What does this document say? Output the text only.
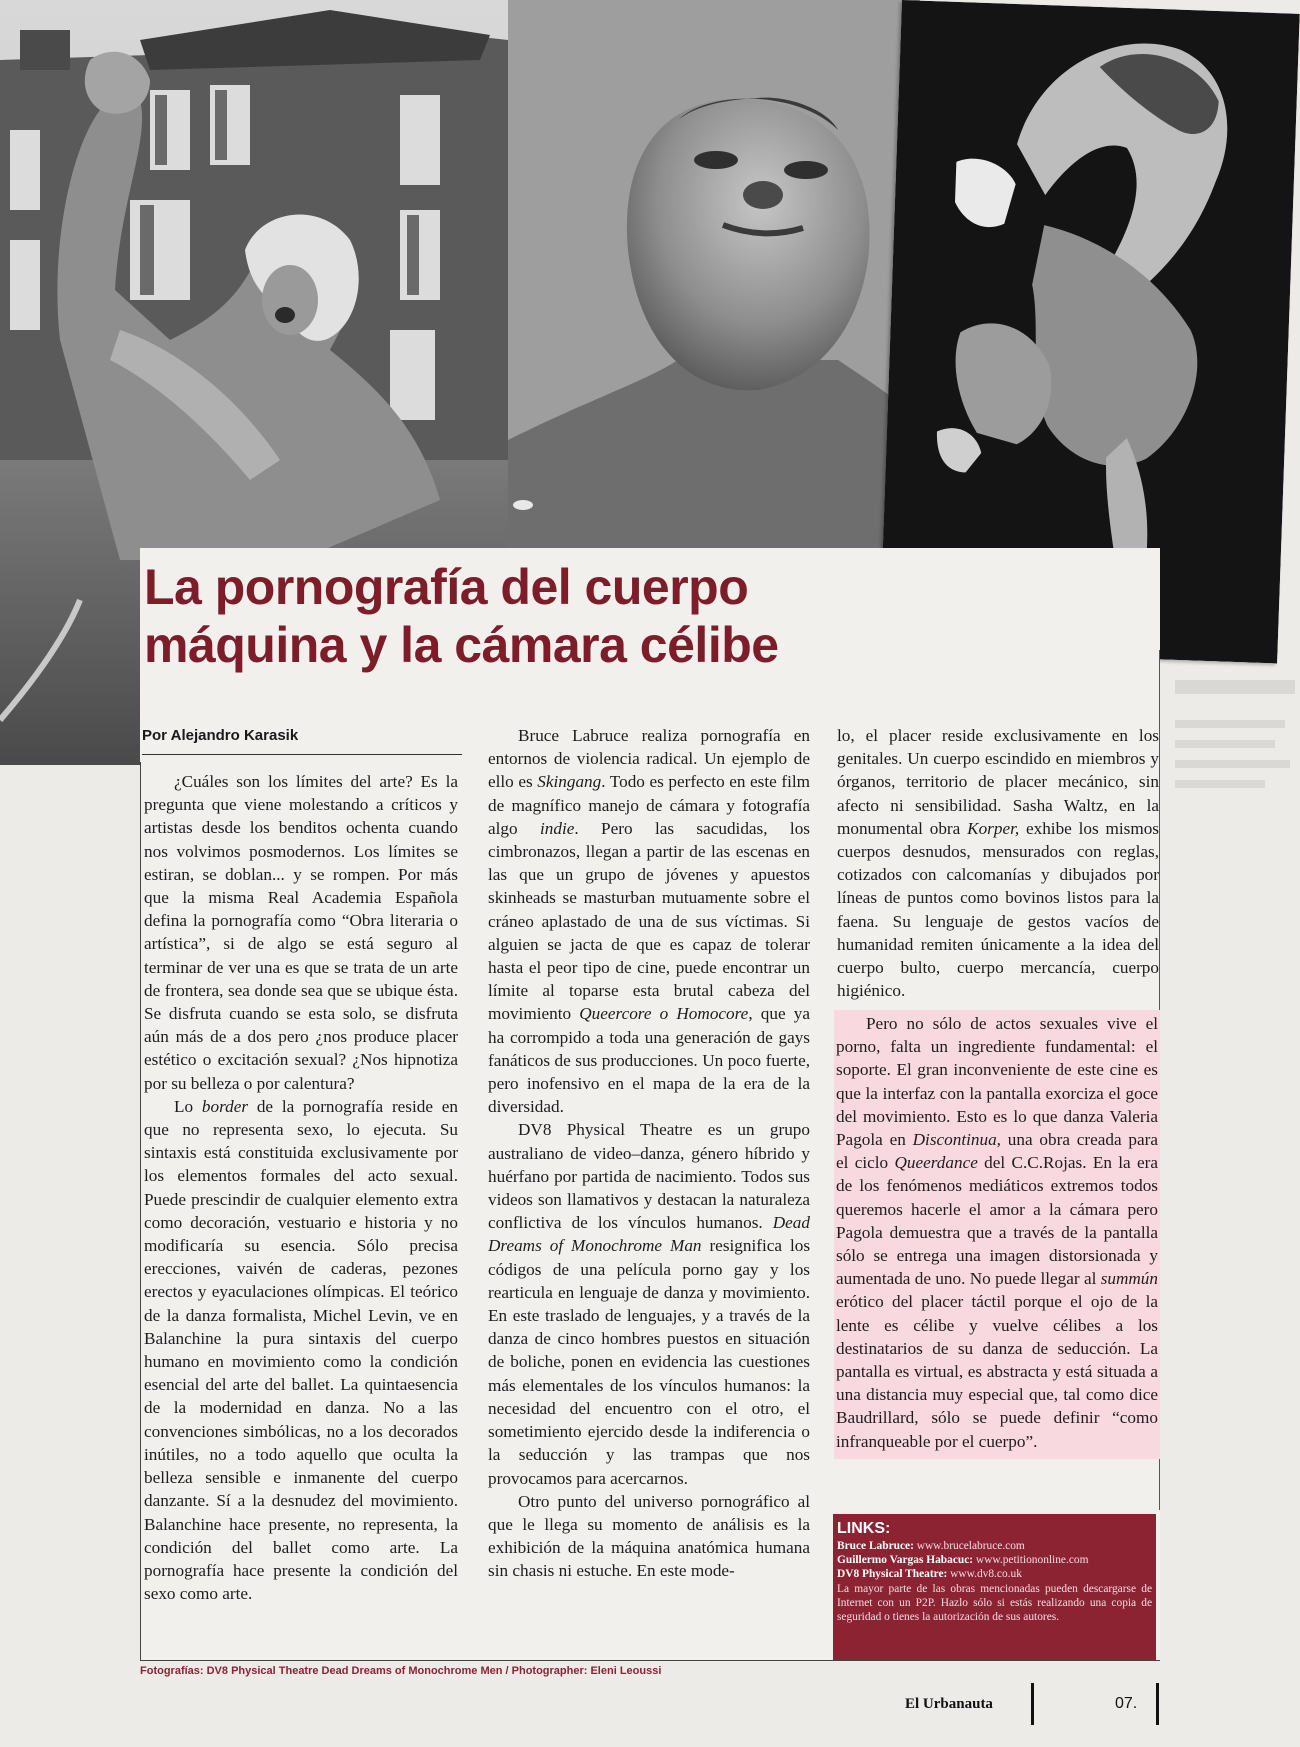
La pornografía del cuerpo
máquina y la cámara célibe
Por Alejandro Karasik

¿Cuáles son los límites del arte? Es la pregunta que viene molestando a críticos y artistas desde los benditos ochenta cuando nos volvimos posmodernos. Los límites se estiran, se doblan... y se rompen. Por más que la misma Real Academia Española defina la pornografía como “Obra literaria o artística”, si de algo se está seguro al terminar de ver una es que se trata de un arte de frontera, sea donde sea que se ubique ésta. Se disfruta cuando se esta solo, se disfruta aún más de a dos pero ¿nos produce placer estético o excitación sexual? ¿Nos hipnotiza por su belleza o por calentura?

Lo border de la pornografía reside en que no representa sexo, lo ejecuta. Su sintaxis está constituida exclusivamente por los elementos formales del acto sexual. Puede prescindir de cualquier elemento extra como decoración, vestuario e historia y no modificaría su esencia. Sólo precisa erecciones, vaivén de caderas, pezones erectos y eyaculaciones olímpicas. El teórico de la danza formalista, Michel Levin, ve en Balanchine la pura sintaxis del cuerpo humano en movimiento como la condición esencial del arte del ballet. La quintaesencia de la modernidad en danza. No a las convenciones simbólicas, no a los decorados inútiles, no a todo aquello que oculta la belleza sensible e inmanente del cuerpo danzante. Sí a la desnudez del movimiento. Balanchine hace presente, no representa, la condición del ballet como arte. La pornografía hace presente la condición del sexo como arte.

Bruce Labruce realiza pornografía en entornos de violencia radical. Un ejemplo de ello es Skingang. Todo es perfecto en este film de magnífico manejo de cámara y fotografía algo indie. Pero las sacudidas, los cimbronazos, llegan a partir de las escenas en las que un grupo de jóvenes y apuestos skinheads se masturban mutuamente sobre el cráneo aplastado de una de sus víctimas. Si alguien se jacta de que es capaz de tolerar hasta el peor tipo de cine, puede encontrar un límite al toparse esta brutal cabeza del movimiento Queercore o Homocore, que ya ha corrompido a toda una generación de gays fanáticos de sus producciones. Un poco fuerte, pero inofensivo en el mapa de la era de la diversidad.

DV8 Physical Theatre es un grupo australiano de video–danza, género híbrido y huérfano por partida de nacimiento. Todos sus videos son llamativos y destacan la naturaleza conflictiva de los vínculos humanos. Dead Dreams of Monochrome Man resignifica los códigos de una película porno gay y los rearticula en lenguaje de danza y movimiento. En este traslado de lenguajes, y a través de la danza de cinco hombres puestos en situación de boliche, ponen en evidencia las cuestiones más elementales de los vínculos humanos: la necesidad del encuentro con el otro, el sometimiento ejercido desde la indiferencia o la seducción y las trampas que nos provocamos para acercarnos.

Otro punto del universo pornográfico al que le llega su momento de análisis es la exhibición de la máquina anatómica humana sin chasis ni estuche. En este mode-

lo, el placer reside exclusivamente en los genitales. Un cuerpo escindido en miembros y órganos, territorio de placer mecánico, sin afecto ni sensibilidad. Sasha Waltz, en la monumental obra Korper, exhibe los mismos cuerpos desnudos, mensurados con reglas, cotizados con calcomanías y dibujados por líneas de puntos como bovinos listos para la faena. Su lenguaje de gestos vacíos de humanidad remiten únicamente a la idea del cuerpo bulto, cuerpo mercancía, cuerpo higiénico.

Pero no sólo de actos sexuales vive el porno, falta un ingrediente fundamental: el soporte. El gran inconveniente de este cine es que la interfaz con la pantalla exorciza el goce del movimiento. Esto es lo que danza Valeria Pagola en Discontinua, una obra creada para el ciclo Queerdance del C.C.Rojas. En la era de los fenómenos mediáticos extremos todos queremos hacerle el amor a la cámara pero Pagola demuestra que a través de la pantalla sólo se entrega una imagen distorsionada y aumentada de uno. No puede llegar al summún erótico del placer táctil porque el ojo de la lente es célibe y vuelve célibes a los destinatarios de su danza de seducción. La pantalla es virtual, es abstracta y está situada a una distancia muy especial que, tal como dice Baudrillard, sólo se puede definir “como infranqueable por el cuerpo”.

LINKS:
Bruce Labruce: www.brucelabruce.com
Guillermo Vargas Habacuc: www.petitiononline.com
DV8 Physical Theatre: www.dv8.co.uk
La mayor parte de las obras mencionadas pueden descargarse de Internet con un P2P. Hazlo sólo si estás realizando una copia de seguridad o tienes la autorización de sus autores.
Fotografías: DV8 Physical Theatre Dead Dreams of Monochrome Men / Photographer: Eleni Leoussi
El Urbanauta	07.
